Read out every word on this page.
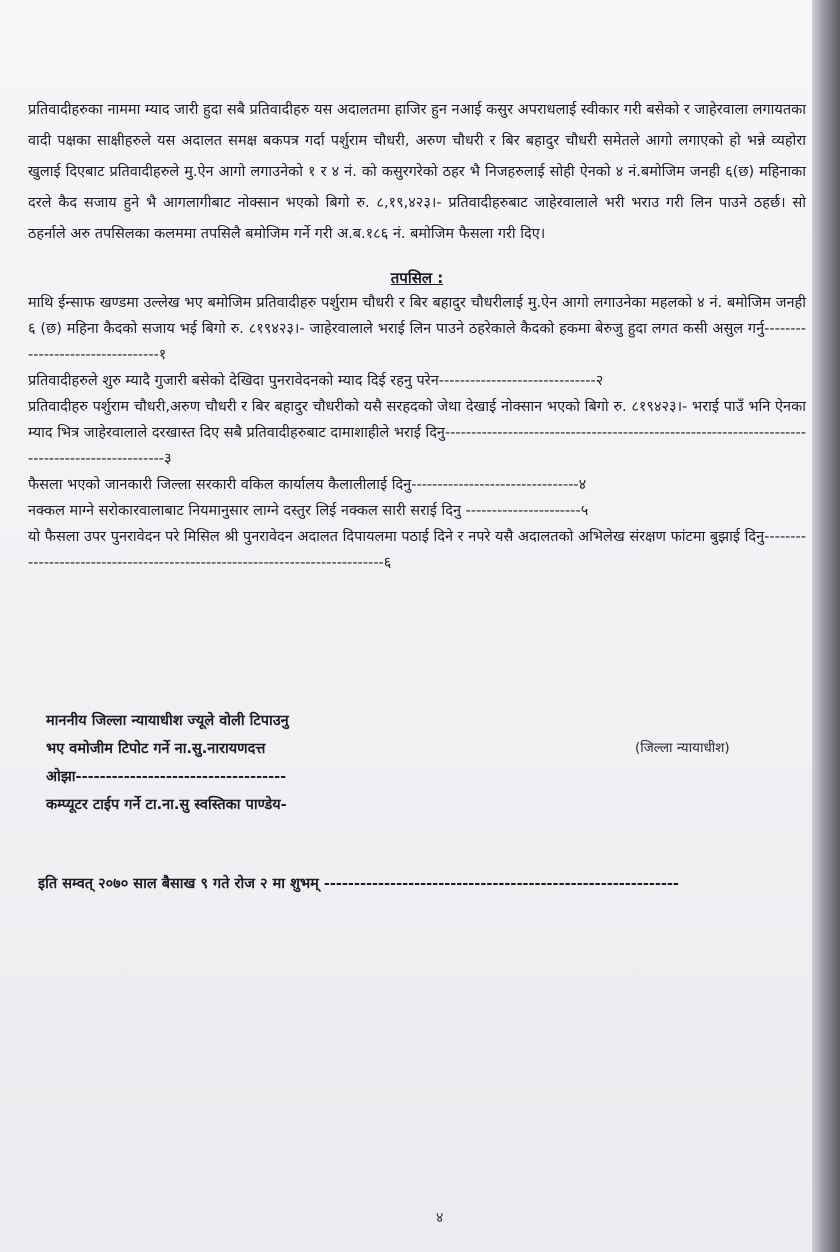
प्रतिवादीहरुका नाममा म्याद जारी हुदा सबै प्रतिवादीहरु यस अदालतमा हाजिर हुन नआई कसुर अपराधलाई स्वीकार गरी बसेको र जाहेरवाला लगायतका वादी पक्षका साक्षीहरुले यस अदालत समक्ष बकपत्र गर्दा पर्शुराम चौधरी, अरुण चौधरी र बिर बहादुर चौधरी समेतले आगो लगाएको हो भन्ने व्यहोरा खुलाई दिएबाट प्रतिवादीहरुले मु.ऐन आगो लगाउनेको १ र ४ नं. को कसुरगरेको ठहर भै निजहरुलाई सोही ऐनको ४ नं.बमोजिम जनही ६(छ) महिनाका दरले कैद सजाय हुने भै आगलागीबाट नोक्सान भएको बिगो रु. ८,१९,४२३।- प्रतिवादीहरुबाट जाहेरवालाले भरी भराउ गरी लिन पाउने ठहर्छ। सो ठहर्नाले अरु तपसिलका कलममा तपसिलै बमोजिम गर्ने गरी अ.ब.१८६ नं. बमोजिम फैसला गरी दिए।

तपसिल :
माथि ईन्साफ खण्डमा उल्लेख भए बमोजिम प्रतिवादीहरु पर्शुराम चौधरी र बिर बहादुर चौधरीलाई मु.ऐन आगो लगाउनेका महलको ४ नं. बमोजिम जनही ६ (छ) महिना कैदको सजाय भई बिगो रु. ८१९४२३।- जाहेरवालाले भराई लिन पाउने ठहरेकाले कैदको हकमा बेरुजु हुदा लगत कसी असुल गर्नु---------------------------------१
प्रतिवादीहरुले शुरु म्यादै गुजारी बसेको देखिदा पुनरावेदनको म्याद दिई रहनु परेन------------------------------२
प्रतिवादीहरु पर्शुराम चौधरी,अरुण चौधरी र बिर बहादुर चौधरीको यसै सरहदको जेथा देखाई नोक्सान भएको बिगो रु. ८१९४२३।- भराई पाउँ भनि ऐनका म्याद भित्र जाहेरवालाले दरखास्त दिए सबै प्रतिवादीहरुबाट दामाशाहीले भराई दिनु-----------------------------------------------------------------------------------------------३
फैसला भएको जानकारी जिल्ला सरकारी वकिल कार्यालय कैलालीलाई दिनु--------------------------------४
नक्कल माग्ने सरोकारवालाबाट नियमानुसार लाग्ने दस्तुर लिई नक्कल सारी सराई दिनु ----------------------५
यो फैसला उपर पुनरावेदन परे मिसिल श्री पुनरावेदन अदालत दिपायलमा पठाई दिने र नपरे यसै अदालतको अभिलेख संरक्षण फांटमा बुझाई दिनु----------------------------------------------------------------------------६
माननीय जिल्ला न्यायाधीश ज्यूले वोली टिपाउनु
भए वमोजीम टिपोट गर्ने ना.सु.नारायणदत्त
ओझा-----------------------------------
कम्प्यूटर टाईप गर्ने टा.ना.सु स्वस्तिका पाण्डेय-
(जिल्ला न्यायाधीश)
इति सम्वत् २०७० साल बैसाख ९ गते रोज २ मा शुभम् -----------------------------------------------------------
४
